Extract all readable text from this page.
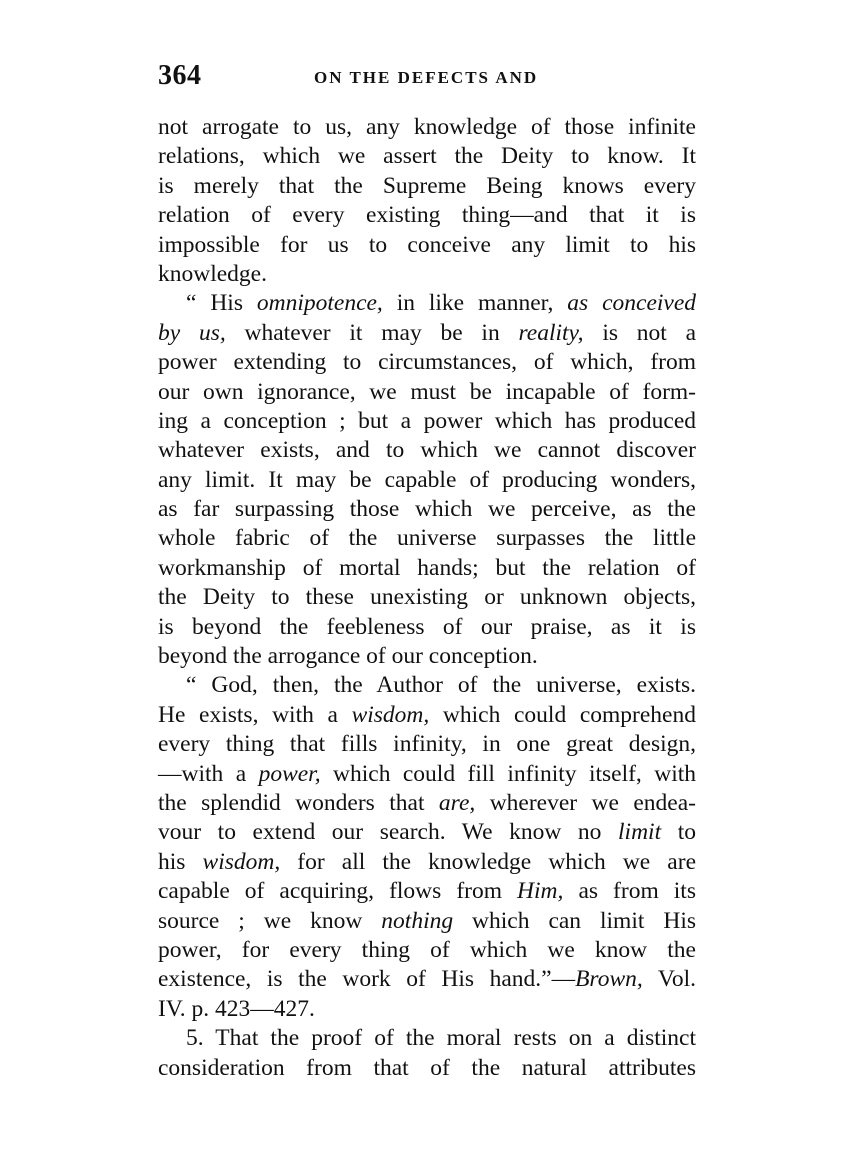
364	ON THE DEFECTS AND
not arrogate to us, any knowledge of those infinite
relations, which we assert the Deity to know. It
is merely that the Supreme Being knows every
relation of every existing thing—and that it is
impossible for us to conceive any limit to his
knowledge.
“ His omnipotence, in like manner, as conceived
by us, whatever it may be in reality, is not a
power extending to circumstances, of which, from
our own ignorance, we must be incapable of form-
ing a conception ; but a power which has produced
whatever exists, and to which we cannot discover
any limit. It may be capable of producing wonders,
as far surpassing those which we perceive, as the
whole fabric of the universe surpasses the little
workmanship of mortal hands; but the relation of
the Deity to these unexisting or unknown objects,
is beyond the feebleness of our praise, as it is
beyond the arrogance of our conception.
“ God, then, the Author of the universe, exists.
He exists, with a wisdom, which could comprehend
every thing that fills infinity, in one great design,
—with a power, which could fill infinity itself, with
the splendid wonders that are, wherever we endea-
vour to extend our search. We know no limit to
his wisdom, for all the knowledge which we are
capable of acquiring, flows from Him, as from its
source ; we know nothing which can limit His
power, for every thing of which we know the
existence, is the work of His hand.”—Brown, Vol.
IV. p. 423—427.
5. That the proof of the moral rests on a distinct
consideration from that of the natural attributes
